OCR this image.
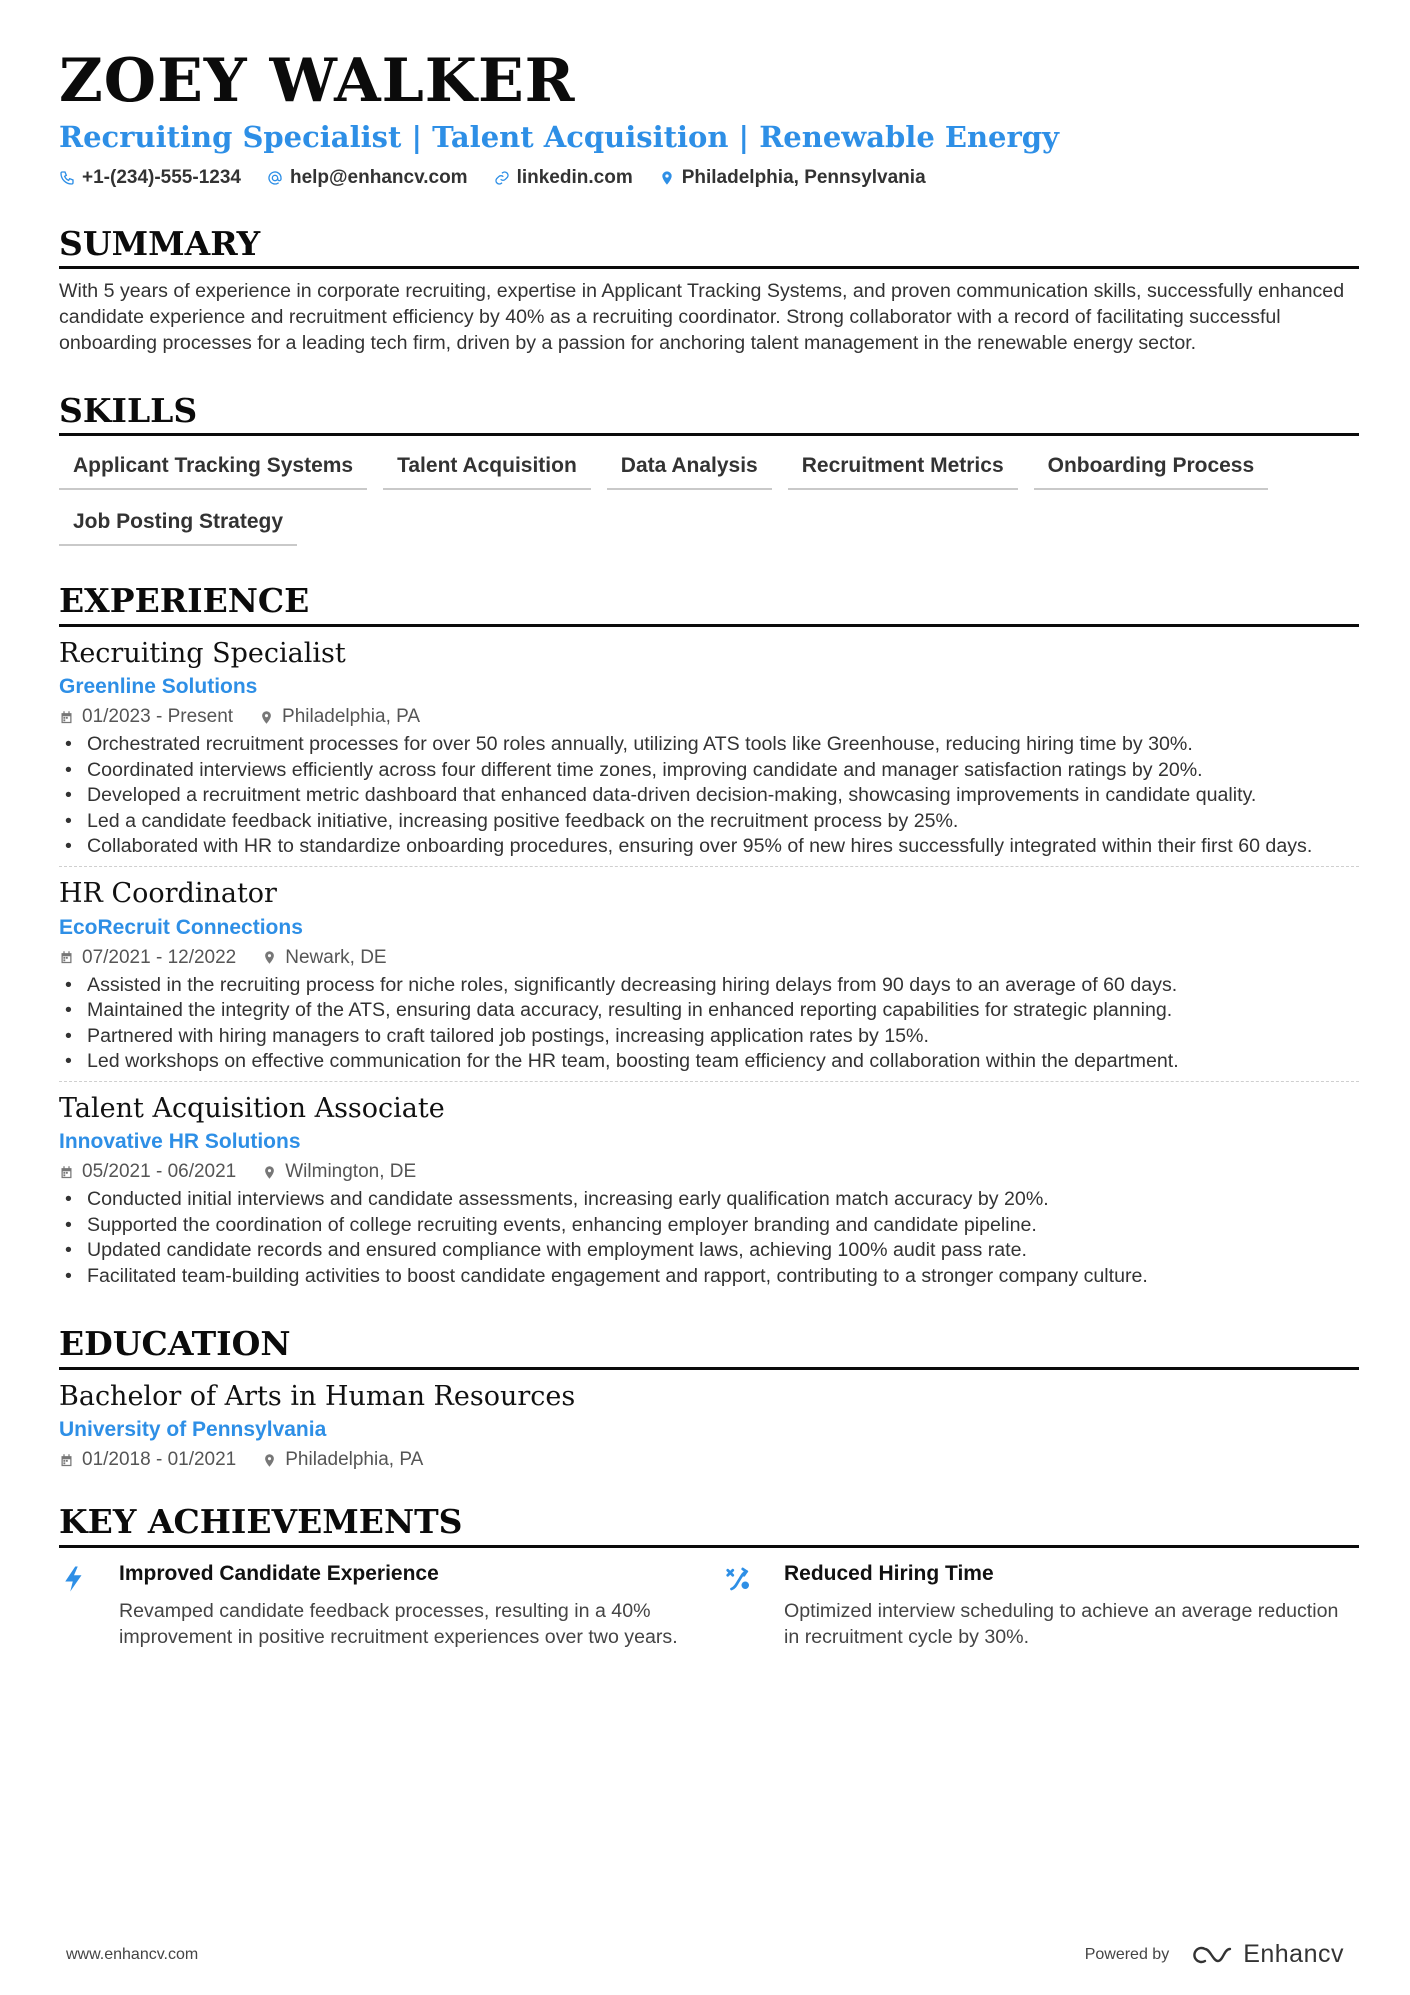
ZOEY WALKER
Recruiting Specialist | Talent Acquisition | Renewable Energy
+1-(234)-555-1234	help@enhancv.com	linkedin.com	Philadelphia, Pennsylvania
SUMMARY

With 5 years of experience in corporate recruiting, expertise in Applicant Tracking Systems, and proven communication skills, successfully enhanced candidate experience and recruitment efficiency by 40% as a recruiting coordinator. Strong collaborator with a record of facilitating successful onboarding processes for a leading tech firm, driven by a passion for anchoring talent management in the renewable energy sector.

SKILLS
Applicant Tracking Systems	Talent Acquisition	Data Analysis	Recruitment Metrics	Onboarding Process
Job Posting Strategy
EXPERIENCE
Recruiting Specialist
Greenline Solutions
01/2023 - Present	Philadelphia, PA
• Orchestrated recruitment processes for over 50 roles annually, utilizing ATS tools like Greenhouse, reducing hiring time by 30%.
• Coordinated interviews efficiently across four different time zones, improving candidate and manager satisfaction ratings by 20%.
• Developed a recruitment metric dashboard that enhanced data-driven decision-making, showcasing improvements in candidate quality.
• Led a candidate feedback initiative, increasing positive feedback on the recruitment process by 25%.
• Collaborated with HR to standardize onboarding procedures, ensuring over 95% of new hires successfully integrated within their first 60 days.
HR Coordinator
EcoRecruit Connections
07/2021 - 12/2022	Newark, DE
• Assisted in the recruiting process for niche roles, significantly decreasing hiring delays from 90 days to an average of 60 days.
• Maintained the integrity of the ATS, ensuring data accuracy, resulting in enhanced reporting capabilities for strategic planning.
• Partnered with hiring managers to craft tailored job postings, increasing application rates by 15%.
• Led workshops on effective communication for the HR team, boosting team efficiency and collaboration within the department.
Talent Acquisition Associate
Innovative HR Solutions
05/2021 - 06/2021	Wilmington, DE
• Conducted initial interviews and candidate assessments, increasing early qualification match accuracy by 20%.
• Supported the coordination of college recruiting events, enhancing employer branding and candidate pipeline.
• Updated candidate records and ensured compliance with employment laws, achieving 100% audit pass rate.
• Facilitated team-building activities to boost candidate engagement and rapport, contributing to a stronger company culture.
EDUCATION
Bachelor of Arts in Human Resources
University of Pennsylvania
01/2018 - 01/2021	Philadelphia, PA
KEY ACHIEVEMENTS
Improved Candidate Experience
Revamped candidate feedback processes, resulting in a 40% improvement in positive recruitment experiences over two years.
Reduced Hiring Time
Optimized interview scheduling to achieve an average reduction in recruitment cycle by 30%.
www.enhancv.com	Powered by	Enhancv
